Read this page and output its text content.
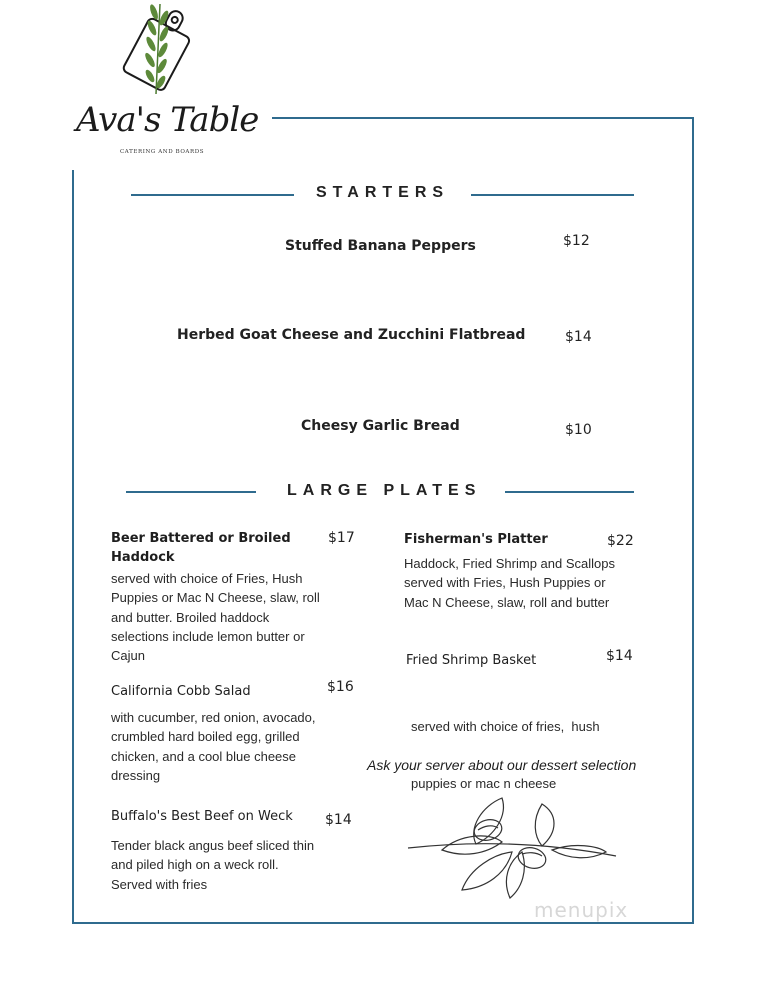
Ava's Table
CATERING AND BOARDS
STARTERS
Stuffed Banana Peppers	$12
Herbed Goat Cheese and Zucchini Flatbread	$14
Cheesy Garlic Bread	$10
LARGE PLATES
Beer Battered or Broiled Haddock
$17
served with choice of Fries, Hush
Puppies or Mac N Cheese, slaw, roll
and butter. Broiled haddock
selections include lemon butter or
Cajun
California Cobb Salad	$16
with cucumber, red onion, avocado,
crumbled hard boiled egg, grilled
chicken, and a cool blue cheese
dressing
Buffalo's Best Beef on Weck $14
Tender black angus beef sliced thin
and piled high on a weck roll.
Served with fries
Fisherman's Platter	$22
Haddock, Fried Shrimp and Scallops
served with Fries, Hush Puppies or
Mac N Cheese, slaw, roll and butter
Fried Shrimp Basket	$14

served with choice of fries,  hush

puppies or mac n cheese

Ask your server about our dessert selection
menupix
